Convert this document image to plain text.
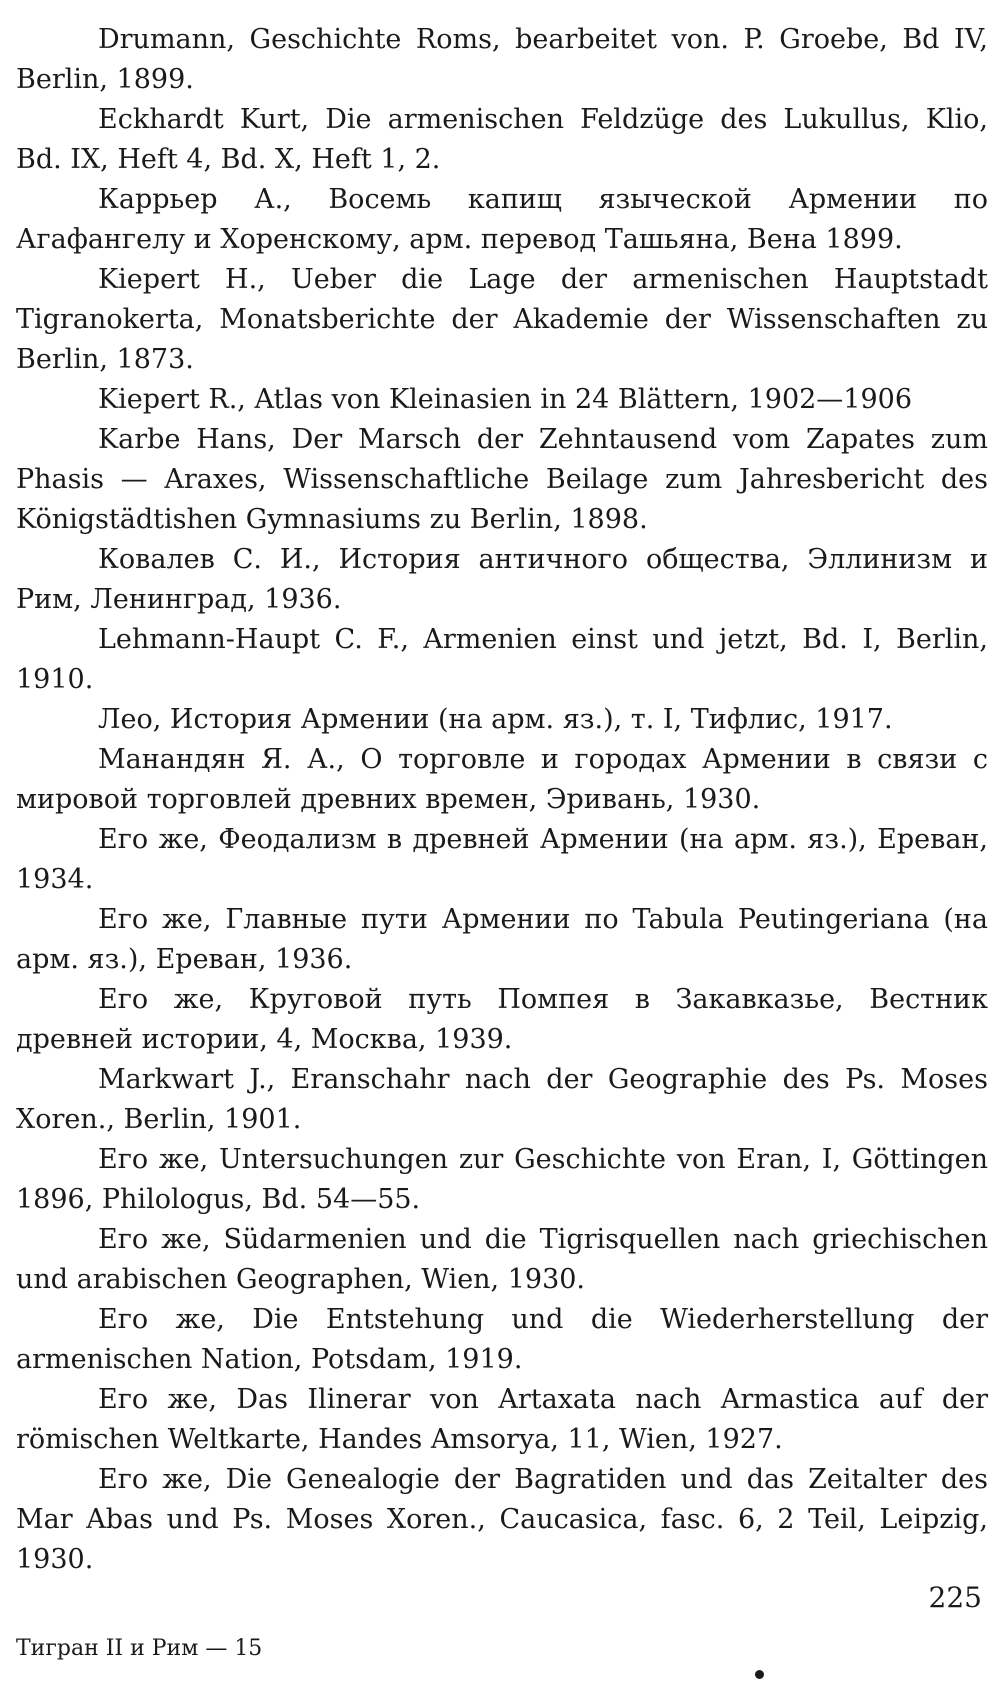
Drumann, Geschichte Roms, bearbeitet von. P. Groebe, Bd IV, Berlin, 1899.

Eckhardt Kurt, Die armenischen Feldzüge des Lukullus, Klio, Bd. IX, Heft 4, Bd. X, Heft 1, 2.

Каррьер А., Восемь капищ языческой Армении по Агафангелу и Хоренскому, арм. перевод Ташьяна, Вена 1899.

Kiepert H., Ueber die Lage der armenischen Hauptstadt Tigranokerta, Monatsberichte der Akademie der Wissenschaften zu Berlin, 1873.

Kiepert R., Atlas von Kleinasien in 24 Blättern, 1902—1906

Karbe Hans, Der Marsch der Zehntausend vom Zapates zum Phasis — Araxes, Wissenschaftliche Beilage zum Jahresbericht des Königstädtishen Gymnasiums zu Berlin, 1898.

Ковалев С. И., История античного общества, Эллинизм и Рим, Ленинград, 1936.

Lehmann-Haupt C. F., Armenien einst und jetzt, Bd. I, Berlin, 1910.

Лео, История Армении (на арм. яз.), т. I, Тифлис, 1917.

Манандян Я. А., О торговле и городах Армении в связи с мировой торговлей древних времен, Эривань, 1930.

Его же, Феодализм в древней Армении (на арм. яз.), Ереван, 1934.

Его же, Главные пути Армении по Tabula Peutingeriana (на арм. яз.), Ереван, 1936.

Его же, Круговой путь Помпея в Закавказье, Вестник древней истории, 4, Москва, 1939.

Markwart J., Eranschahr nach der Geographie des Ps. Moses Xoren., Berlin, 1901.

Его же, Untersuchungen zur Geschichte von Eran, I, Göttingen 1896, Philologus, Bd. 54—55.

Его же, Südarmenien und die Tigrisquellen nach griechischen und arabischen Geographen, Wien, 1930.

Его же, Die Entstehung und die Wiederherstellung der armenischen Nation, Potsdam, 1919.

Его же, Das Ilinerar von Artaxata nach Armastica auf der römischen Weltkarte, Handes Amsorya, 11, Wien, 1927.

Его же, Die Genealogie der Bagratiden und das Zeitalter des Mar Abas und Ps. Moses Xoren., Caucasica, fasc. 6, 2 Teil, Leipzig, 1930.

225
Тигран II и Рим — 15
